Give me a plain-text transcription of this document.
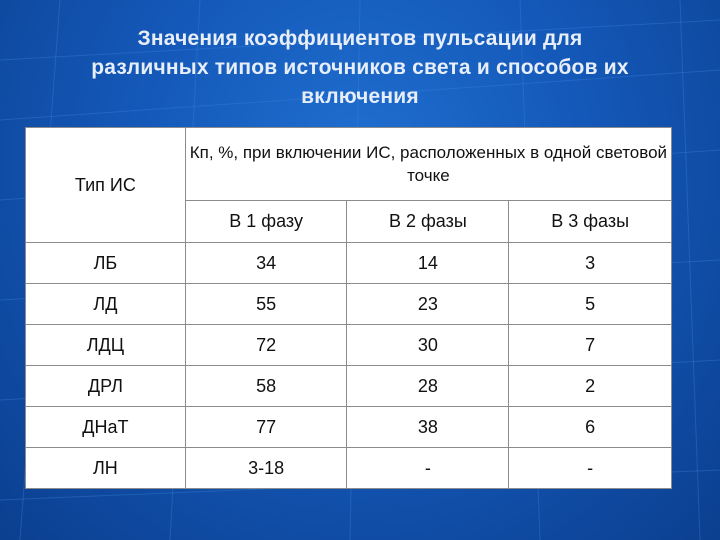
Значения коэффициентов пульсации для
различных типов источников света и способов их
включения
Тип ИС	Кп, %, при включении ИС, расположенных в одной световой точке		
	В 1 фазу	В 2 фазы	В 3 фазы
ЛБ	34	14	3
ЛД	55	23	5
ЛДЦ	72	30	7
ДРЛ	58	28	2
ДНаТ	77	38	6
ЛН	3-18	-	-
